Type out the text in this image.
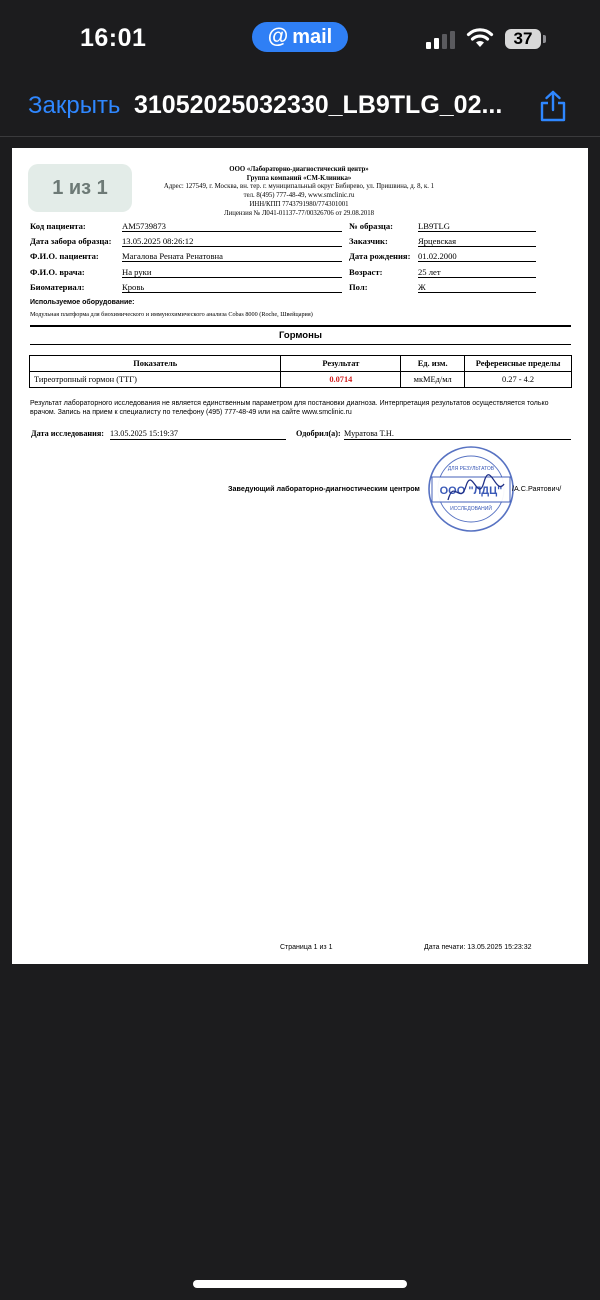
16:01	@ mail	37
Закрыть 31052025032330_LB9TLG_02...
1 из 1
ООО «Лабораторно-диагностический центр»
Группа компаний «СМ-Клиника»
Адрес: 127549, г. Москва, вн. тер. г. муниципальный округ Бибирево, ул. Пришвина, д. 8, к. 1
тел. 8(495) 777-48-49, www.smclinic.ru
ИНН/КПП 7743791980/774301001
Лицензия № Л041-01137-77/00326706 от 29.08.2018
Код пациента:	AM5739873
Дата забора образца: 13.05.2025 08:26:12
Ф.И.О. пациента:	Магалова Рената Ренатовна
Ф.И.О. врача:	На руки
Биоматериал:	Кровь
№ образца:	LB9TLG
Заказчик:	Ярцевская
Дата рождения: 01.02.2000
Возраст:	25 лет
Пол:	Ж
Используемое оборудование:
Модульная платформа для биохимического и иммунохимического анализа Cobas 8000 (Roche, Швейцария)
Гормоны
Показатель	Результат	Ед. изм.	Референсные пределы
Тиреотропный гормон (ТТГ)	0.0714	мкМЕд/мл	0.27 - 4.2
Результат лабораторного исследования не является единственным параметром для постановки диагноза. Интерпретация результатов осуществляется только врачом. Запись на прием к специалисту по телефону (495) 777-48-49 или на сайте www.smclinic.ru
Дата исследования: 13.05.2025 15:19:37	Одобрил(а): Муратова Т.Н.
Заведующий лабораторно-диагностическим центром
ДЛЯ РЕЗУЛЬТАТОВ
ООО "ЛДЦ"
ИССЛЕДОВАНИЙ
/А.С.Раятович/
Страница 1 из 1	Дата печати: 13.05.2025 15:23:32
